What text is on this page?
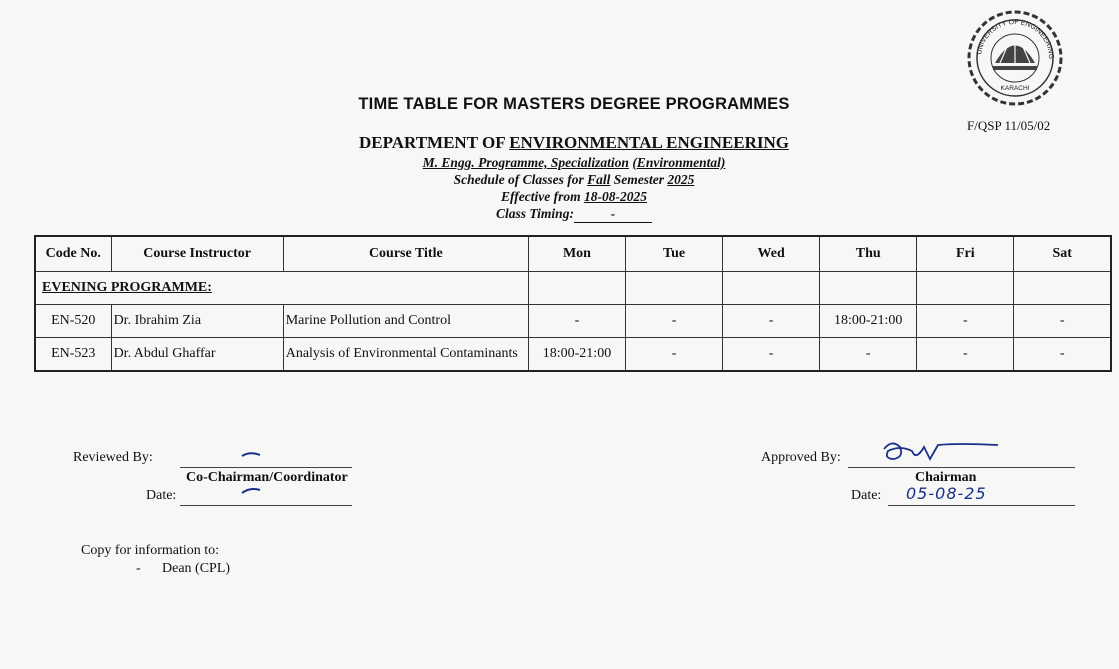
UNIVERSITY OF ENGINEERING
KARACHI
TIME TABLE FOR MASTERS DEGREE PROGRAMMES
F/QSP 11/05/02
DEPARTMENT OF ENVIRONMENTAL ENGINEERING
M. Engg. Programme, Specialization (Environmental)
Schedule of Classes for Fall Semester 2025
Effective from 18-08-2025
Class Timing:	-
Code No.	Course Instructor	Course Title	Mon	Tue	Wed	Thu	Fri	Sat
EVENING PROGRAMME:								
EN-520	Dr. Ibrahim Zia	Marine Pollution and Control	-	-	-	18:00-21:00	-	-
EN-523	Dr. Abdul Ghaffar	Analysis of Environmental Contaminants	18:00-21:00	-	-	-	-	-
Reviewed By:
Co-Chairman/Coordinator
Date:
Approved By:
Chairman
Date: 05-08-25
Copy for information to:
- Dean (CPL)
